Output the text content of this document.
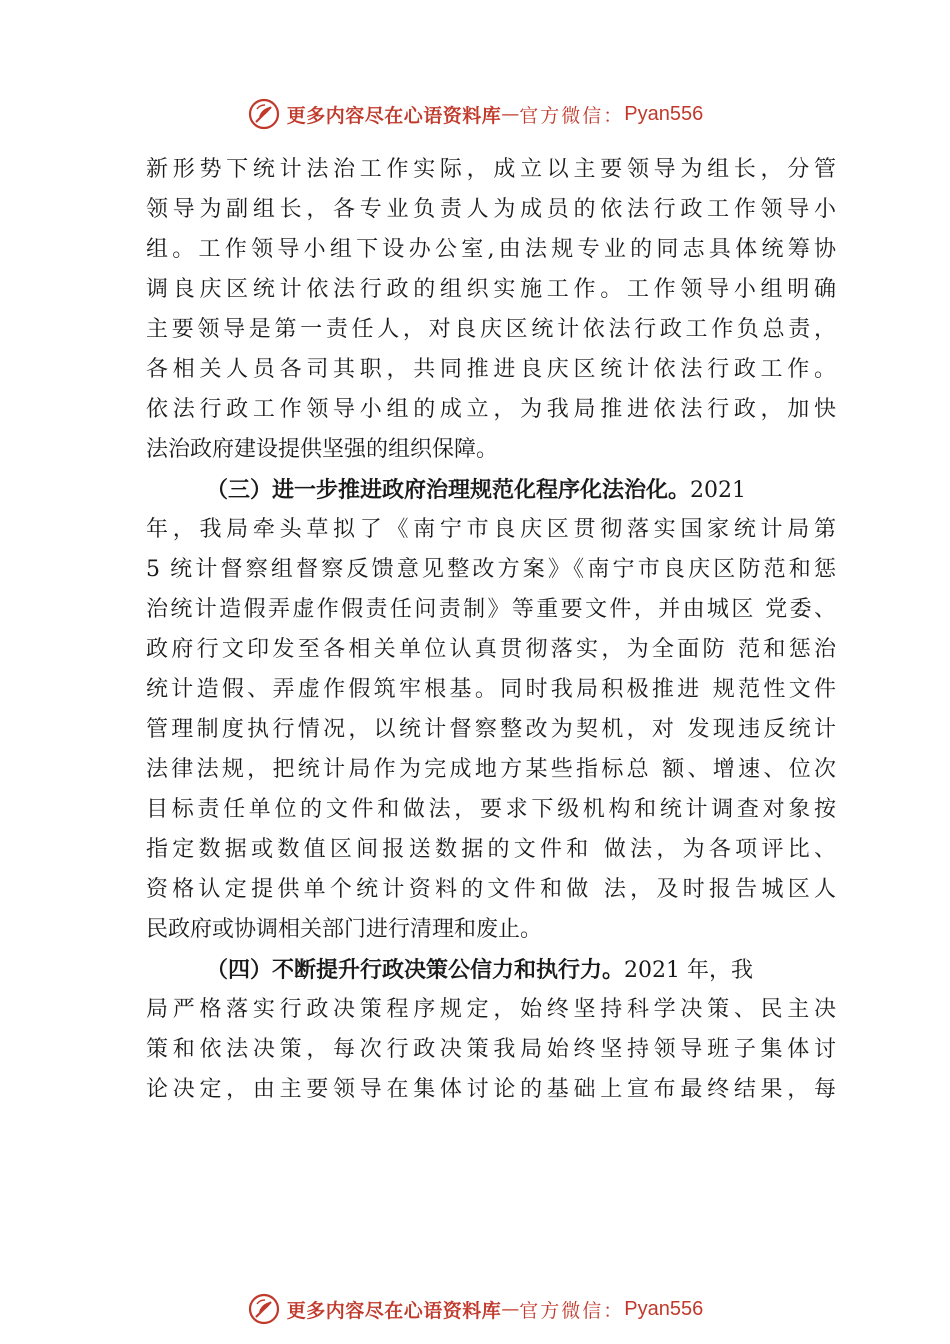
更多内容尽在心语资料库 — 官方微信： Pyan556
新形势下统计法治工作实际，成立以主要领导为组长，分管
领导为副组长，各专业负责人为成员的依法行政工作领导小
组。工作领导小组下设办公室,由法规专业的同志具体统筹协
调良庆区统计依法行政的组织实施工作。工作领导小组明确
主要领导是第一责任人，对良庆区统计依法行政工作负总责，
各相关人员各司其职，共同推进良庆区统计依法行政工作。
依法行政工作领导小组的成立，为我局推进依法行政，加快
法治政府建设提供坚强的组织保障。
（三）进一步推进政府治理规范化程序化法治化。2021
年，我局牵头草拟了《南宁市良庆区贯彻落实国家统计局第
5 统计督察组督察反馈意见整改方案》《南宁市良庆区防范和惩
治统计造假弄虚作假责任问责制》等重要文件，并由城区 党委、
政府行文印发至各相关单位认真贯彻落实，为全面防 范和惩治
统计造假、弄虚作假筑牢根基。同时我局积极推进 规范性文件
管理制度执行情况，以统计督察整改为契机，对 发现违反统计
法律法规，把统计局作为完成地方某些指标总 额、增速、位次
目标责任单位的文件和做法，要求下级机构和统计调查对象按
指定数据或数值区间报送数据的文件和 做法，为各项评比、
资格认定提供单个统计资料的文件和做 法，及时报告城区人
民政府或协调相关部门进行清理和废止。
（四）不断提升行政决策公信力和执行力。2021 年，我
局严格落实行政决策程序规定，始终坚持科学决策、民主决
策和依法决策，每次行政决策我局始终坚持领导班子集体讨
论决定，由主要领导在集体讨论的基础上宣布最终结果，每
更多内容尽在心语资料库 — 官方微信： Pyan556
